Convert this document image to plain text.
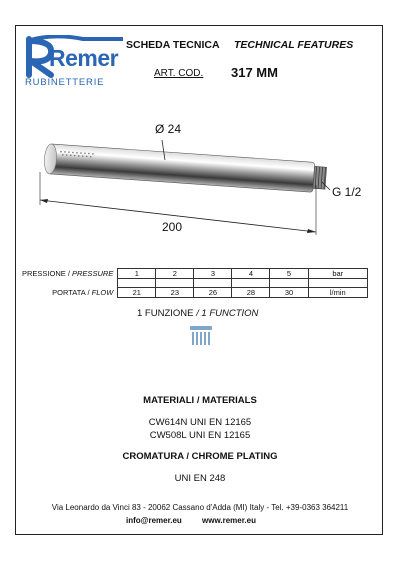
Remer
RUBINETTERIE
SCHEDA TECNICA TECHNICAL FEATURES
ART. COD. 317 MM
Ø 24
G 1/2
200
PRESSIONE / PRESSURE	1	2	3	4	5	bar

PORTATA / FLOW	21	23	26	28	30	l/min
1 FUNZIONE / 1 FUNCTION
MATERIALI / MATERIALS
CW614N UNI EN 12165
CW508L UNI EN 12165
CROMATURA / CHROME PLATING
UNI EN 248
Via Leonardo da Vinci 83 - 20062 Cassano d'Adda (MI) Italy - Tel. +39-0363 364211
info@remer.eu	www.remer.eu
